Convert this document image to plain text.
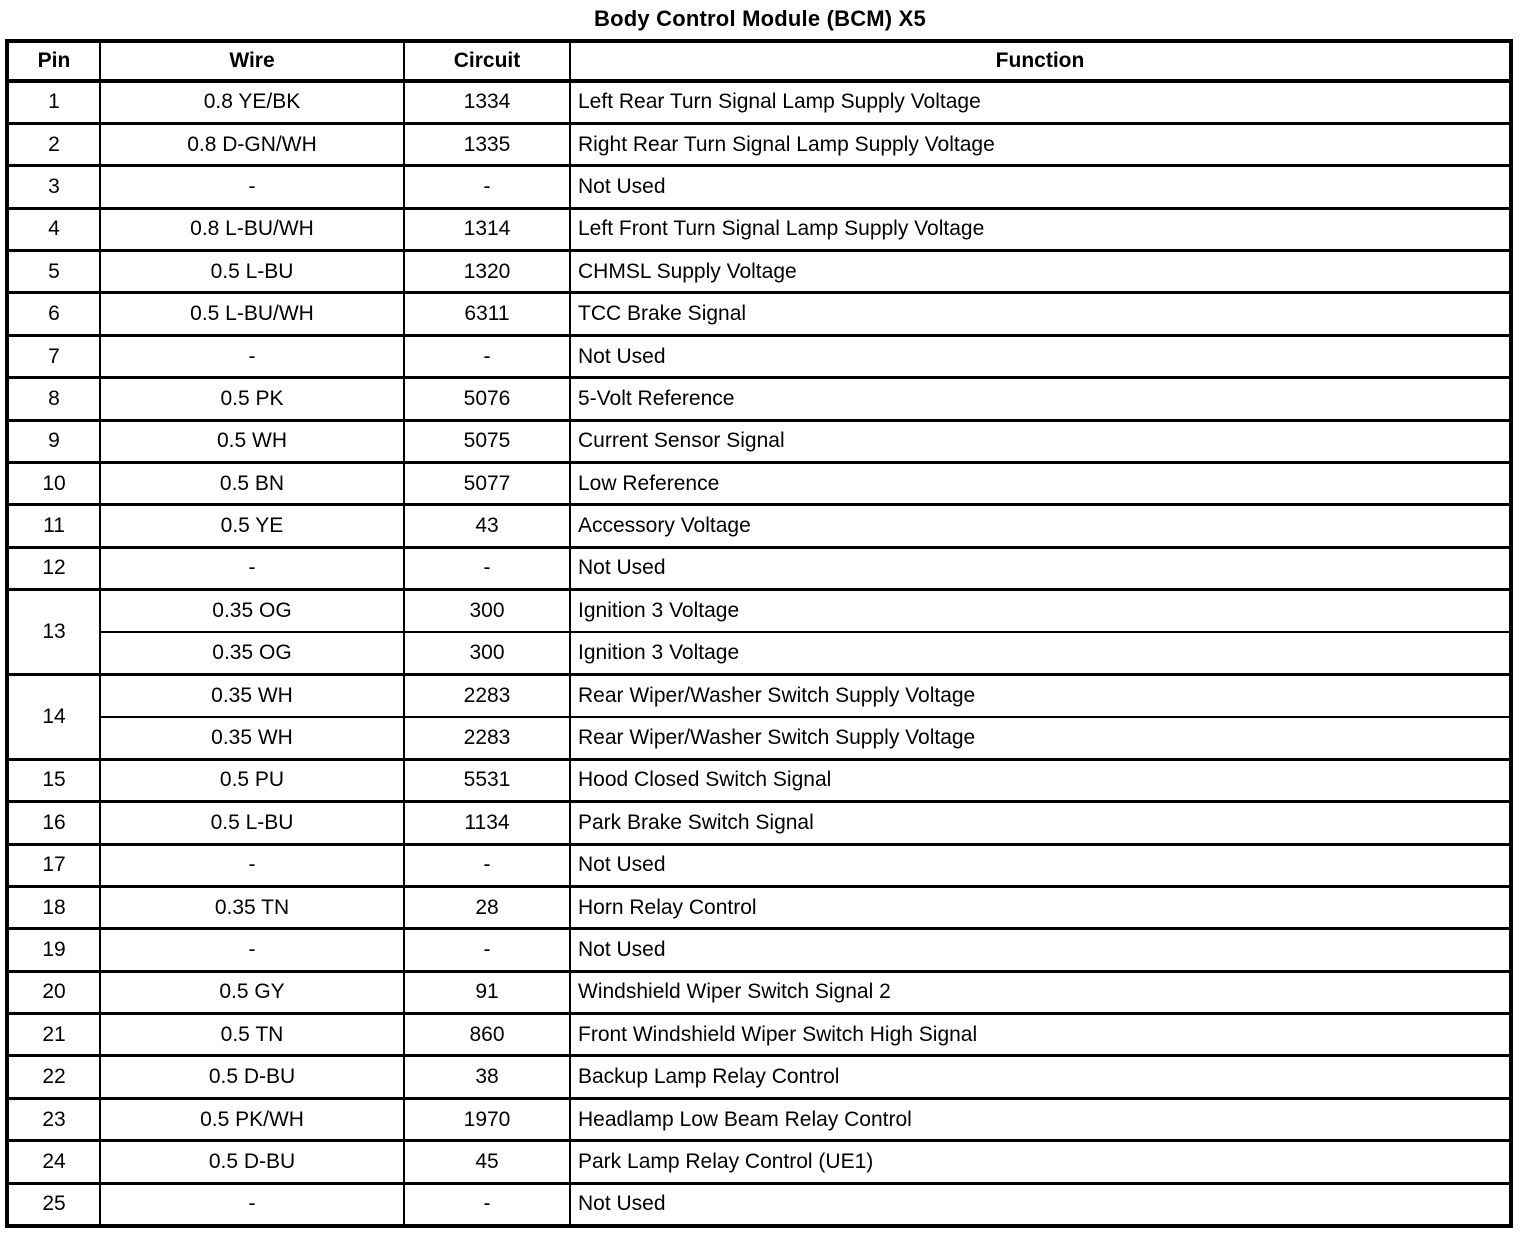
Body Control Module (BCM) X5
Pin	Wire	Circuit	Function
1	0.8 YE/BK	1334	Left Rear Turn Signal Lamp Supply Voltage
2	0.8 D-GN/WH	1335	Right Rear Turn Signal Lamp Supply Voltage
3	-	-	Not Used
4	0.8 L-BU/WH	1314	Left Front Turn Signal Lamp Supply Voltage
5	0.5 L-BU	1320	CHMSL Supply Voltage
6	0.5 L-BU/WH	6311	TCC Brake Signal
7	-	-	Not Used
8	0.5 PK	5076	5-Volt Reference
9	0.5 WH	5075	Current Sensor Signal
10	0.5 BN	5077	Low Reference
11	0.5 YE	43	Accessory Voltage
12	-	-	Not Used
13	0.35 OG	300	Ignition 3 Voltage
	0.35 OG	300	Ignition 3 Voltage
14	0.35 WH	2283	Rear Wiper/Washer Switch Supply Voltage
	0.35 WH	2283	Rear Wiper/Washer Switch Supply Voltage
15	0.5 PU	5531	Hood Closed Switch Signal
16	0.5 L-BU	1134	Park Brake Switch Signal
17	-	-	Not Used
18	0.35 TN	28	Horn Relay Control
19	-	-	Not Used
20	0.5 GY	91	Windshield Wiper Switch Signal 2
21	0.5 TN	860	Front Windshield Wiper Switch High Signal
22	0.5 D-BU	38	Backup Lamp Relay Control
23	0.5 PK/WH	1970	Headlamp Low Beam Relay Control
24	0.5 D-BU	45	Park Lamp Relay Control (UE1)
25	-	-	Not Used
